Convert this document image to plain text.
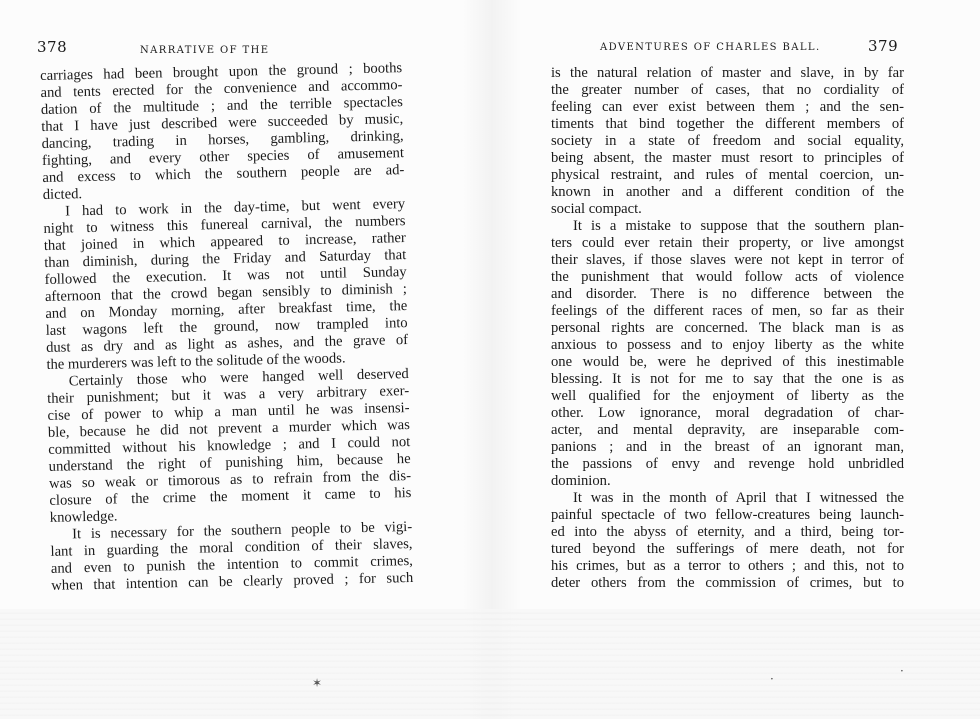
378	NARRATIVE OF THE
carriages had been brought upon the ground ; booths
and tents erected for the convenience and accommo-
dation of the multitude ; and the terrible spectacles
that I have just described were succeeded by music,
dancing, trading in horses, gambling, drinking,
fighting, and every other species of amusement
and excess to which the southern people are ad-
dicted.
I had to work in the day-time, but went every
night to witness this funereal carnival, the numbers
that joined in which appeared to increase, rather
than diminish, during the Friday and Saturday that
followed the execution. It was not until Sunday
afternoon that the crowd began sensibly to diminish ;
and on Monday morning, after breakfast time, the
last wagons left the ground, now trampled into
dust as dry and as light as ashes, and the grave of
the murderers was left to the solitude of the woods.
Certainly those who were hanged well deserved
their punishment; but it was a very arbitrary exer-
cise of power to whip a man until he was insensi-
ble, because he did not prevent a murder which was
committed without his knowledge ; and I could not
understand the right of punishing him, because he
was so weak or timorous as to refrain from the dis-
closure of the crime the moment it came to his
knowledge.
It is necessary for the southern people to be vigi-
lant in guarding the moral condition of their slaves,
and even to punish the intention to commit crimes,
when that intention can be clearly proved ; for such
ADVENTURES OF CHARLES BALL.	379
is the natural relation of master and slave, in by far
the greater number of cases, that no cordiality of
feeling can ever exist between them ; and the sen-
timents that bind together the different members of
society in a state of freedom and social equality,
being absent, the master must resort to principles of
physical restraint, and rules of mental coercion, un-
known in another and a different condition of the
social compact.
It is a mistake to suppose that the southern plan-
ters could ever retain their property, or live amongst
their slaves, if those slaves were not kept in terror of
the punishment that would follow acts of violence
and disorder. There is no difference between the
feelings of the different races of men, so far as their
personal rights are concerned. The black man is as
anxious to possess and to enjoy liberty as the white
one would be, were he deprived of this inestimable
blessing. It is not for me to say that the one is as
well qualified for the enjoyment of liberty as the
other. Low ignorance, moral degradation of char-
acter, and mental depravity, are inseparable com-
panions ; and in the breast of an ignorant man,
the passions of envy and revenge hold unbridled
dominion.
It was in the month of April that I witnessed the
painful spectacle of two fellow-creatures being launch-
ed into the abyss of eternity, and a third, being tor-
tured beyond the sufferings of mere death, not for
his crimes, but as a terror to others ; and this, not to
deter others from the commission of crimes, but to
✶	·
·
